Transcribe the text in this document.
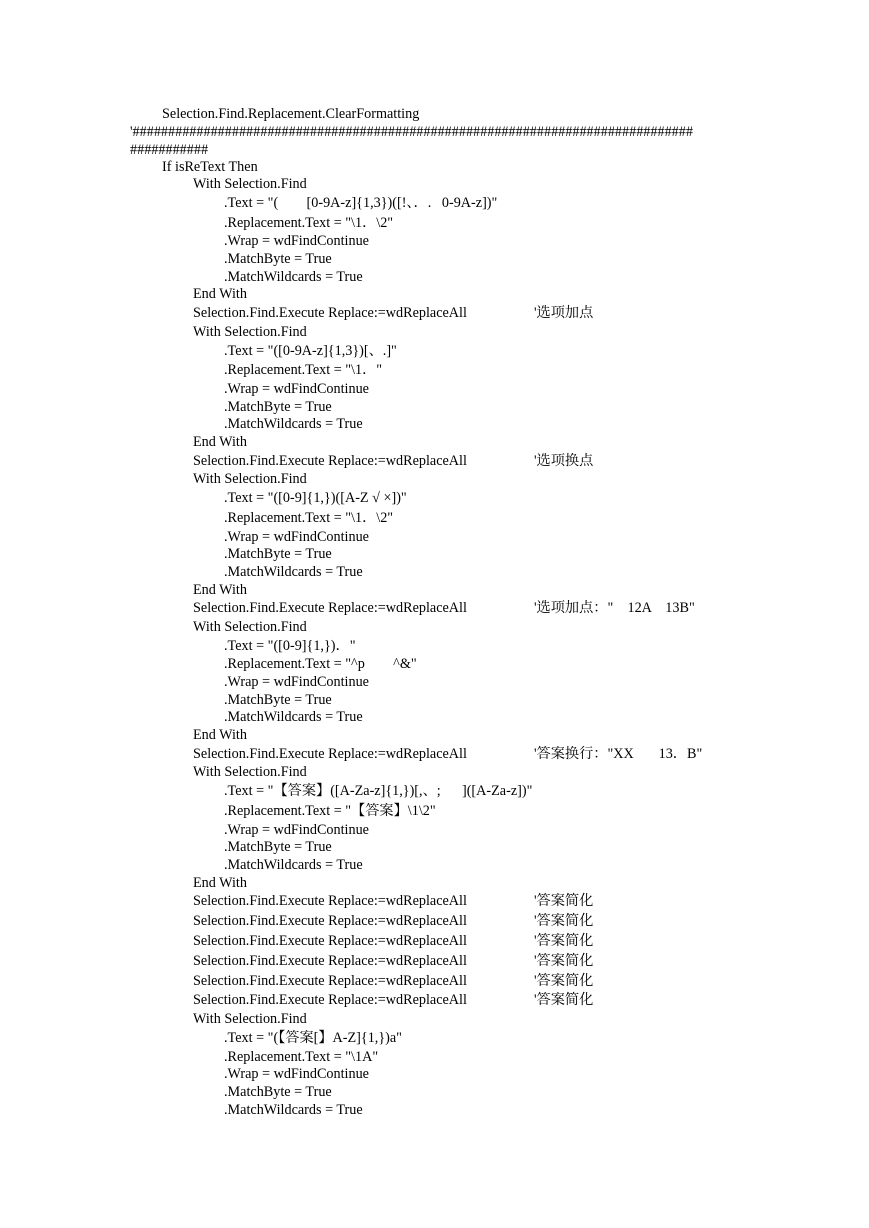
Selection.Find.Replacement.ClearFormatting
'###############################################################################
###########
If isReText Then
With Selection.Find
.Text = "(        [0-9A-z]{1,3})([!、．.   0-9A-z])"
.Replacement.Text = "\1．\2"
.Wrap = wdFindContinue
.MatchByte = True
.MatchWildcards = True
End With
Selection.Find.Execute Replace:=wdReplaceAll	'选项加点
With Selection.Find
.Text = "([0-9A-z]{1,3})[、.]"
.Replacement.Text = "\1．"
.Wrap = wdFindContinue
.MatchByte = True
.MatchWildcards = True
End With
Selection.Find.Execute Replace:=wdReplaceAll	'选项换点
With Selection.Find
.Text = "([0-9]{1,})([A-Z √ ×])"
.Replacement.Text = "\1．\2"
.Wrap = wdFindContinue
.MatchByte = True
.MatchWildcards = True
End With
Selection.Find.Execute Replace:=wdReplaceAll	'选项加点："    12A    13B"
With Selection.Find
.Text = "([0-9]{1,})．"
.Replacement.Text = "^p        ^&"
.Wrap = wdFindContinue
.MatchByte = True
.MatchWildcards = True
End With
Selection.Find.Execute Replace:=wdReplaceAll	'答案换行："XX       13．B"
With Selection.Find
.Text = "【答案】([A-Za-z]{1,})[,、;      ]([A-Za-z])"
.Replacement.Text = "【答案】\1\2"
.Wrap = wdFindContinue
.MatchByte = True
.MatchWildcards = True
End With
Selection.Find.Execute Replace:=wdReplaceAll	'答案简化
Selection.Find.Execute Replace:=wdReplaceAll	'答案简化
Selection.Find.Execute Replace:=wdReplaceAll	'答案简化
Selection.Find.Execute Replace:=wdReplaceAll	'答案简化
Selection.Find.Execute Replace:=wdReplaceAll	'答案简化
Selection.Find.Execute Replace:=wdReplaceAll	'答案简化
With Selection.Find
.Text = "(【答案[】A-Z]{1,})a"
.Replacement.Text = "\1A"
.Wrap = wdFindContinue
.MatchByte = True
.MatchWildcards = True
